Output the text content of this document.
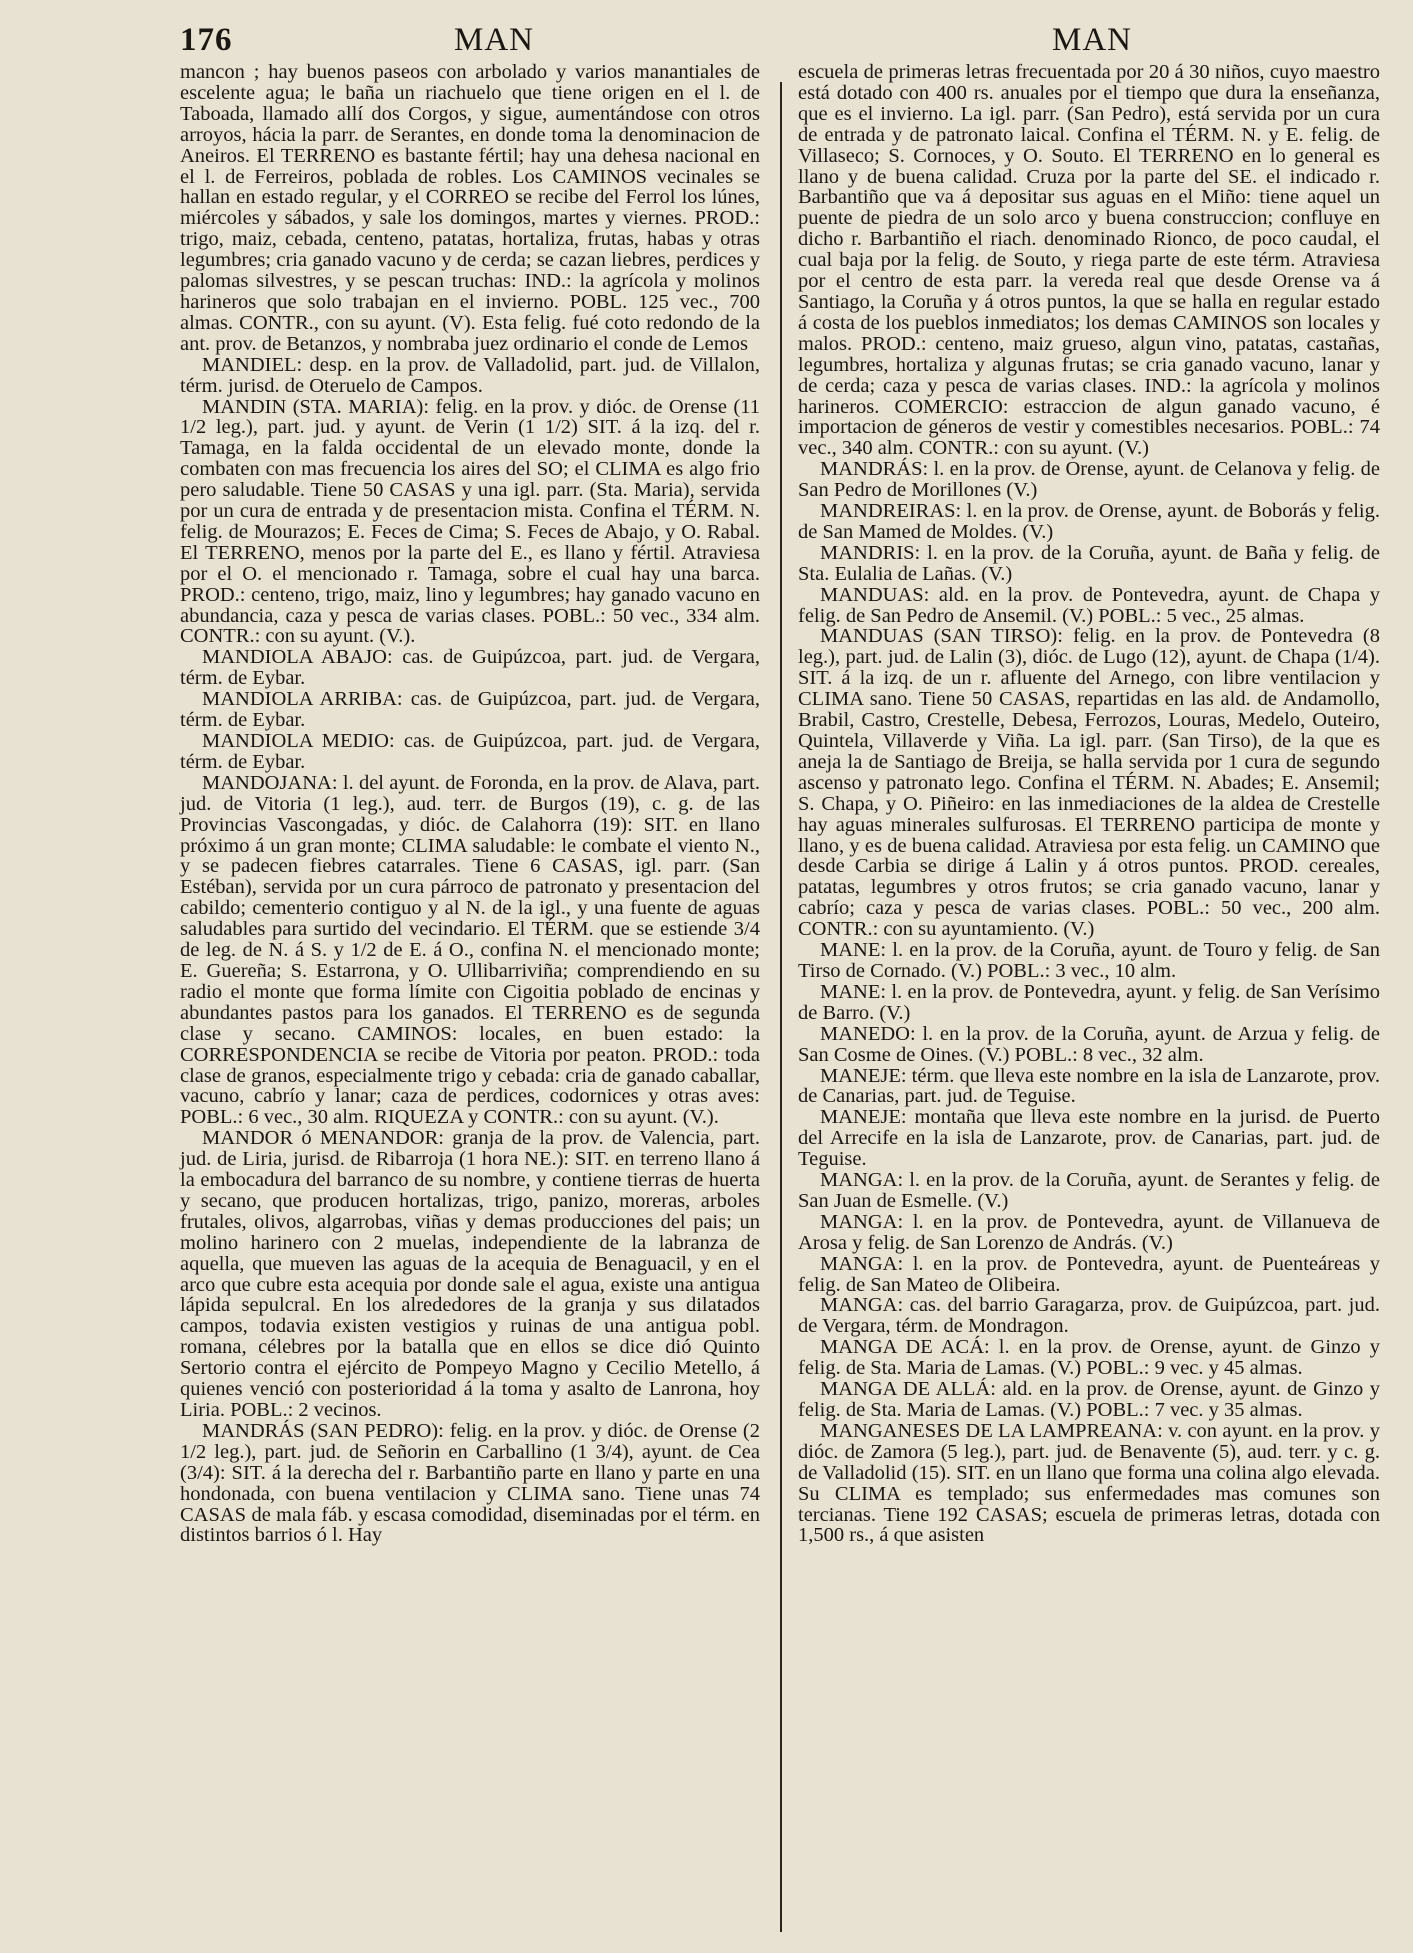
176	MAN	MAN

mancon ; hay buenos paseos con arbolado y varios manantiales de escelente agua; le baña un riachuelo que tiene origen en el l. de Taboada, llamado allí dos Corgos, y sigue, aumentándose con otros arroyos, hácia la parr. de Serantes, en donde toma la denominacion de Aneiros. El TERRENO es bastante fértil; hay una dehesa nacional en el l. de Ferreiros, poblada de robles. Los CAMINOS vecinales se hallan en estado regular, y el CORREO se recibe del Ferrol los lúnes, miércoles y sábados, y sale los domingos, martes y viernes. PROD.: trigo, maiz, cebada, centeno, patatas, hortaliza, frutas, habas y otras legumbres; cria ganado vacuno y de cerda; se cazan liebres, perdices y palomas silvestres, y se pescan truchas: IND.: la agrícola y molinos harineros que solo trabajan en el invierno. POBL. 125 vec., 700 almas. CONTR., con su ayunt. (V). Esta felig. fué coto redondo de la ant. prov. de Betanzos, y nombraba juez ordinario el conde de Lemos

MANDIEL: desp. en la prov. de Valladolid, part. jud. de Villalon, térm. jurisd. de Oteruelo de Campos.

MANDIN (STA. MARIA): felig. en la prov. y dióc. de Orense (11 1/2 leg.), part. jud. y ayunt. de Verin (1 1/2) SIT. á la izq. del r. Tamaga, en la falda occidental de un elevado monte, donde la combaten con mas frecuencia los aires del SO; el CLIMA es algo frio pero saludable. Tiene 50 CASAS y una igl. parr. (Sta. Maria), servida por un cura de entrada y de presentacion mista. Confina el TÉRM. N. felig. de Mourazos; E. Feces de Cima; S. Feces de Abajo, y O. Rabal. El TERRENO, menos por la parte del E., es llano y fértil. Atraviesa por el O. el mencionado r. Tamaga, sobre el cual hay una barca. PROD.: centeno, trigo, maiz, lino y legumbres; hay ganado vacuno en abundancia, caza y pesca de varias clases. POBL.: 50 vec., 334 alm. CONTR.: con su ayunt. (V.).

MANDIOLA ABAJO: cas. de Guipúzcoa, part. jud. de Vergara, térm. de Eybar.

MANDIOLA ARRIBA: cas. de Guipúzcoa, part. jud. de Vergara, térm. de Eybar.

MANDIOLA MEDIO: cas. de Guipúzcoa, part. jud. de Vergara, térm. de Eybar.

MANDOJANA: l. del ayunt. de Foronda, en la prov. de Alava, part. jud. de Vitoria (1 leg.), aud. terr. de Burgos (19), c. g. de las Provincias Vascongadas, y dióc. de Calahorra (19): SIT. en llano próximo á un gran monte; CLIMA saludable: le combate el viento N., y se padecen fiebres catarrales. Tiene 6 CASAS, igl. parr. (San Estéban), servida por un cura párroco de patronato y presentacion del cabildo; cementerio contiguo y al N. de la igl., y una fuente de aguas saludables para surtido del vecindario. El TÉRM. que se estiende 3/4 de leg. de N. á S. y 1/2 de E. á O., confina N. el mencionado monte; E. Guereña; S. Estarrona, y O. Ullibarriviña; comprendiendo en su radio el monte que forma límite con Cigoitia poblado de encinas y abundantes pastos para los ganados. El TERRENO es de segunda clase y secano. CAMINOS: locales, en buen estado: la CORRESPONDENCIA se recibe de Vitoria por peaton. PROD.: toda clase de granos, especialmente trigo y cebada: cria de ganado caballar, vacuno, cabrío y lanar; caza de perdices, codornices y otras aves: POBL.: 6 vec., 30 alm. RIQUEZA y CONTR.: con su ayunt. (V.).

MANDOR ó MENANDOR: granja de la prov. de Valencia, part. jud. de Liria, jurisd. de Ribarroja (1 hora NE.): SIT. en terreno llano á la embocadura del barranco de su nombre, y contiene tierras de huerta y secano, que producen hortalizas, trigo, panizo, moreras, arboles frutales, olivos, algarrobas, viñas y demas producciones del pais; un molino harinero con 2 muelas, independiente de la labranza de aquella, que mueven las aguas de la acequia de Benaguacil, y en el arco que cubre esta acequia por donde sale el agua, existe una antigua lápida sepulcral. En los alrededores de la granja y sus dilatados campos, todavia existen vestigios y ruinas de una antigua pobl. romana, célebres por la batalla que en ellos se dice dió Quinto Sertorio contra el ejército de Pompeyo Magno y Cecilio Metello, á quienes venció con posterioridad á la toma y asalto de Lanrona, hoy Liria. POBL.: 2 vecinos.

MANDRÁS (SAN PEDRO): felig. en la prov. y dióc. de Orense (2 1/2 leg.), part. jud. de Señorin en Carballino (1 3/4), ayunt. de Cea (3/4): SIT. á la derecha del r. Barbantiño parte en llano y parte en una hondonada, con buena ventilacion y CLIMA sano. Tiene unas 74 CASAS de mala fáb. y escasa comodidad, diseminadas por el térm. en distintos barrios ó l. Hay

escuela de primeras letras frecuentada por 20 á 30 niños, cuyo maestro está dotado con 400 rs. anuales por el tiempo que dura la enseñanza, que es el invierno. La igl. parr. (San Pedro), está servida por un cura de entrada y de patronato laical. Confina el TÉRM. N. y E. felig. de Villaseco; S. Cornoces, y O. Souto. El TERRENO en lo general es llano y de buena calidad. Cruza por la parte del SE. el indicado r. Barbantiño que va á depositar sus aguas en el Miño: tiene aquel un puente de piedra de un solo arco y buena construccion; confluye en dicho r. Barbantiño el riach. denominado Rionco, de poco caudal, el cual baja por la felig. de Souto, y riega parte de este térm. Atraviesa por el centro de esta parr. la vereda real que desde Orense va á Santiago, la Coruña y á otros puntos, la que se halla en regular estado á costa de los pueblos inmediatos; los demas CAMINOS son locales y malos. PROD.: centeno, maiz grueso, algun vino, patatas, castañas, legumbres, hortaliza y algunas frutas; se cria ganado vacuno, lanar y de cerda; caza y pesca de varias clases. IND.: la agrícola y molinos harineros. COMERCIO: estraccion de algun ganado vacuno, é importacion de géneros de vestir y comestibles necesarios. POBL.: 74 vec., 340 alm. CONTR.: con su ayunt. (V.)

MANDRÁS: l. en la prov. de Orense, ayunt. de Celanova y felig. de San Pedro de Morillones (V.)

MANDREIRAS: l. en la prov. de Orense, ayunt. de Boborás y felig. de San Mamed de Moldes. (V.)

MANDRIS: l. en la prov. de la Coruña, ayunt. de Baña y felig. de Sta. Eulalia de Lañas. (V.)

MANDUAS: ald. en la prov. de Pontevedra, ayunt. de Chapa y felig. de San Pedro de Ansemil. (V.) POBL.: 5 vec., 25 almas.

MANDUAS (SAN TIRSO): felig. en la prov. de Pontevedra (8 leg.), part. jud. de Lalin (3), dióc. de Lugo (12), ayunt. de Chapa (1/4). SIT. á la izq. de un r. afluente del Arnego, con libre ventilacion y CLIMA sano. Tiene 50 CASAS, repartidas en las ald. de Andamollo, Brabil, Castro, Crestelle, Debesa, Ferrozos, Louras, Medelo, Outeiro, Quintela, Villaverde y Viña. La igl. parr. (San Tirso), de la que es aneja la de Santiago de Breija, se halla servida por 1 cura de segundo ascenso y patronato lego. Confina el TÉRM. N. Abades; E. Ansemil; S. Chapa, y O. Piñeiro: en las inmediaciones de la aldea de Crestelle hay aguas minerales sulfurosas. El TERRENO participa de monte y llano, y es de buena calidad. Atraviesa por esta felig. un CAMINO que desde Carbia se dirige á Lalin y á otros puntos. PROD. cereales, patatas, legumbres y otros frutos; se cria ganado vacuno, lanar y cabrío; caza y pesca de varias clases. POBL.: 50 vec., 200 alm. CONTR.: con su ayuntamiento. (V.)

MANE: l. en la prov. de la Coruña, ayunt. de Touro y felig. de San Tirso de Cornado. (V.) POBL.: 3 vec., 10 alm.

MANE: l. en la prov. de Pontevedra, ayunt. y felig. de San Verísimo de Barro. (V.)

MANEDO: l. en la prov. de la Coruña, ayunt. de Arzua y felig. de San Cosme de Oines. (V.) POBL.: 8 vec., 32 alm.

MANEJE: térm. que lleva este nombre en la isla de Lanzarote, prov. de Canarias, part. jud. de Teguise.

MANEJE: montaña que lleva este nombre en la jurisd. de Puerto del Arrecife en la isla de Lanzarote, prov. de Canarias, part. jud. de Teguise.

MANGA: l. en la prov. de la Coruña, ayunt. de Serantes y felig. de San Juan de Esmelle. (V.)

MANGA: l. en la prov. de Pontevedra, ayunt. de Villanueva de Arosa y felig. de San Lorenzo de András. (V.)

MANGA: l. en la prov. de Pontevedra, ayunt. de Puenteáreas y felig. de San Mateo de Olibeira.

MANGA: cas. del barrio Garagarza, prov. de Guipúzcoa, part. jud. de Vergara, térm. de Mondragon.

MANGA DE ACÁ: l. en la prov. de Orense, ayunt. de Ginzo y felig. de Sta. Maria de Lamas. (V.) POBL.: 9 vec. y 45 almas.

MANGA DE ALLÁ: ald. en la prov. de Orense, ayunt. de Ginzo y felig. de Sta. Maria de Lamas. (V.) POBL.: 7 vec. y 35 almas.

MANGANESES DE LA LAMPREANA: v. con ayunt. en la prov. y dióc. de Zamora (5 leg.), part. jud. de Benavente (5), aud. terr. y c. g. de Valladolid (15). SIT. en un llano que forma una colina algo elevada. Su CLIMA es templado; sus enfermedades mas comunes son tercianas. Tiene 192 CASAS; escuela de primeras letras, dotada con 1,500 rs., á que asisten
